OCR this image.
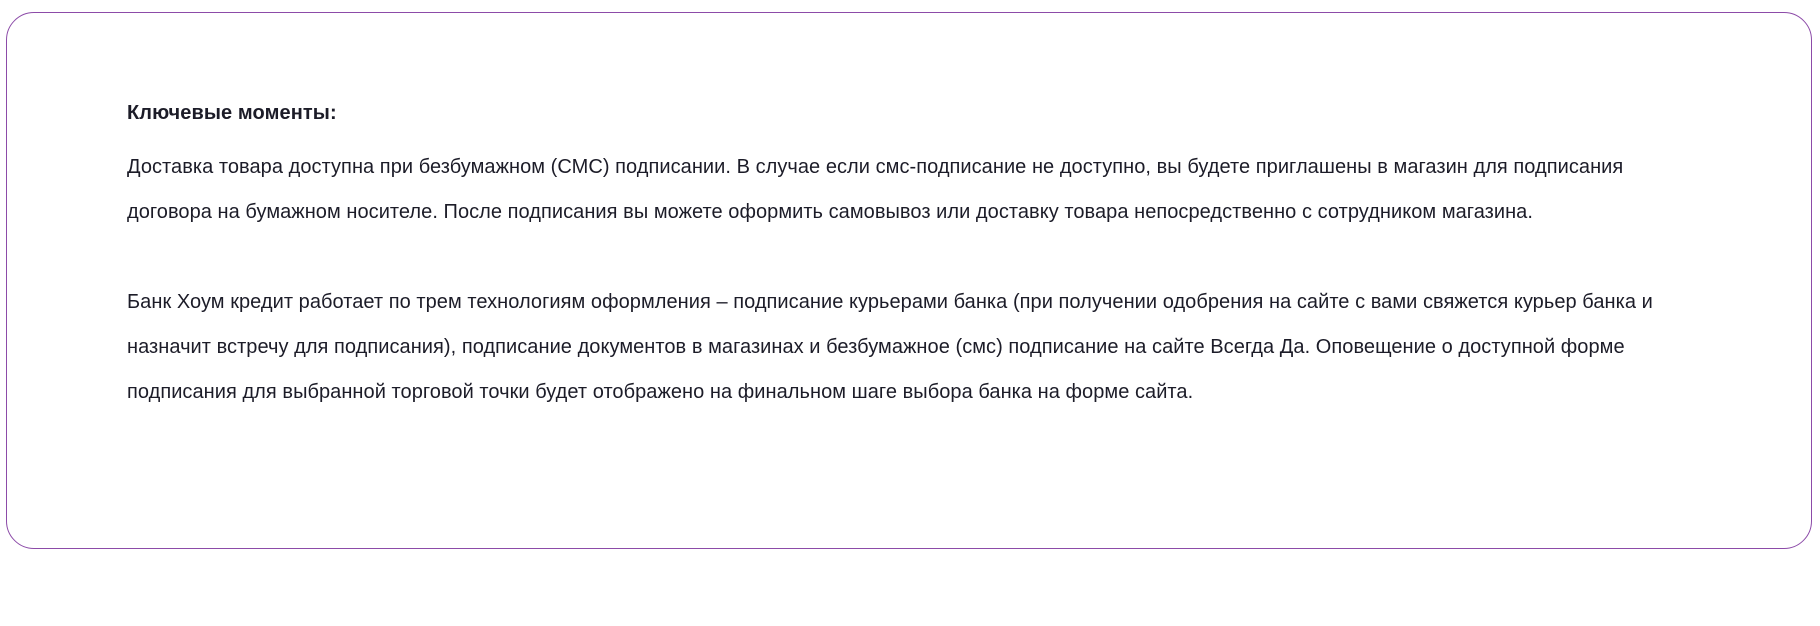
Ключевые моменты:

Доставка товара доступна при безбумажном (СМС) подписании. В случае если смс-подписание не доступно, вы будете приглашены в магазин для подписания договора на бумажном носителе. После подписания вы можете оформить самовывоз или доставку товара непосредственно с сотрудником магазина.

Банк Хоум кредит работает по трем технологиям оформления – подписание курьерами банка (при получении одобрения на сайте с вами свяжется курьер банка и назначит встречу для подписания), подписание документов в магазинах и безбумажное (смс) подписание на сайте Всегда Да. Оповещение о доступной форме подписания для выбранной торговой точки будет отображено на финальном шаге выбора банка на форме сайта.
